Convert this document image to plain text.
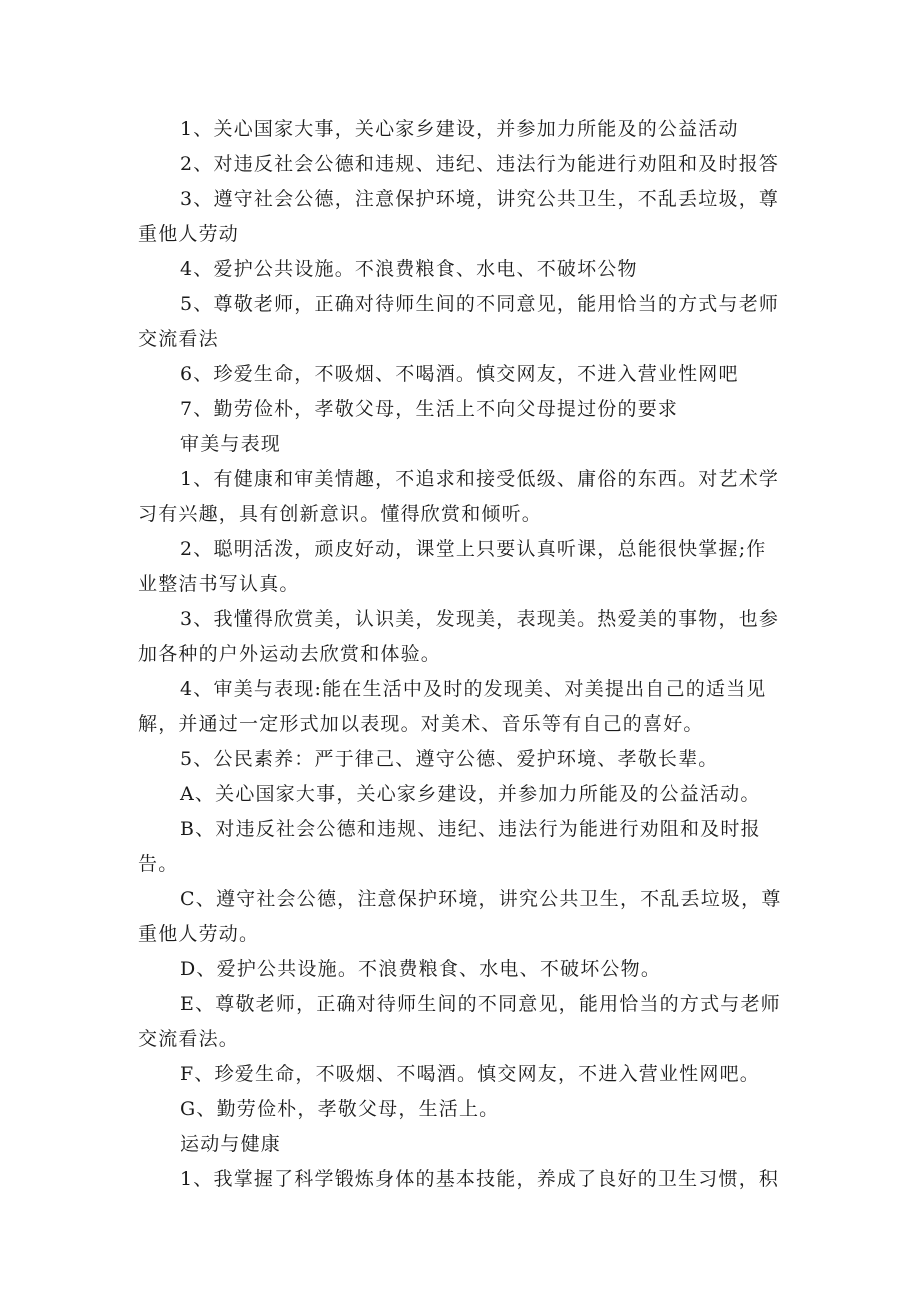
1、关心国家大事，关心家乡建设，并参加力所能及的公益活动

2、对违反社会公德和违规、违纪、违法行为能进行劝阻和及时报答

3、遵守社会公德，注意保护环境，讲究公共卫生，不乱丢垃圾，尊重他人劳动

4、爱护公共设施。不浪费粮食、水电、不破坏公物

5、尊敬老师，正确对待师生间的不同意见，能用恰当的方式与老师交流看法

6、珍爱生命，不吸烟、不喝酒。慎交网友，不进入营业性网吧

7、勤劳俭朴，孝敬父母，生活上不向父母提过份的要求

审美与表现

1、有健康和审美情趣，不追求和接受低级、庸俗的东西。对艺术学习有兴趣，具有创新意识。懂得欣赏和倾听。

2、聪明活泼，顽皮好动，课堂上只要认真听课，总能很快掌握;作业整洁书写认真。

3、我懂得欣赏美，认识美，发现美，表现美。热爱美的事物，也参加各种的户外运动去欣赏和体验。

4、审美与表现:能在生活中及时的发现美、对美提出自己的适当见解，并通过一定形式加以表现。对美术、音乐等有自己的喜好。

5、公民素养：严于律己、遵守公德、爱护环境、孝敬长辈。

A、关心国家大事，关心家乡建设，并参加力所能及的公益活动。

B、对违反社会公德和违规、违纪、违法行为能进行劝阻和及时报告。

C、遵守社会公德，注意保护环境，讲究公共卫生，不乱丢垃圾，尊重他人劳动。

D、爱护公共设施。不浪费粮食、水电、不破坏公物。

E、尊敬老师，正确对待师生间的不同意见，能用恰当的方式与老师交流看法。

F、珍爱生命，不吸烟、不喝酒。慎交网友，不进入营业性网吧。

G、勤劳俭朴，孝敬父母，生活上。

运动与健康

1、我掌握了科学锻炼身体的基本技能，养成了良好的卫生习惯，积
